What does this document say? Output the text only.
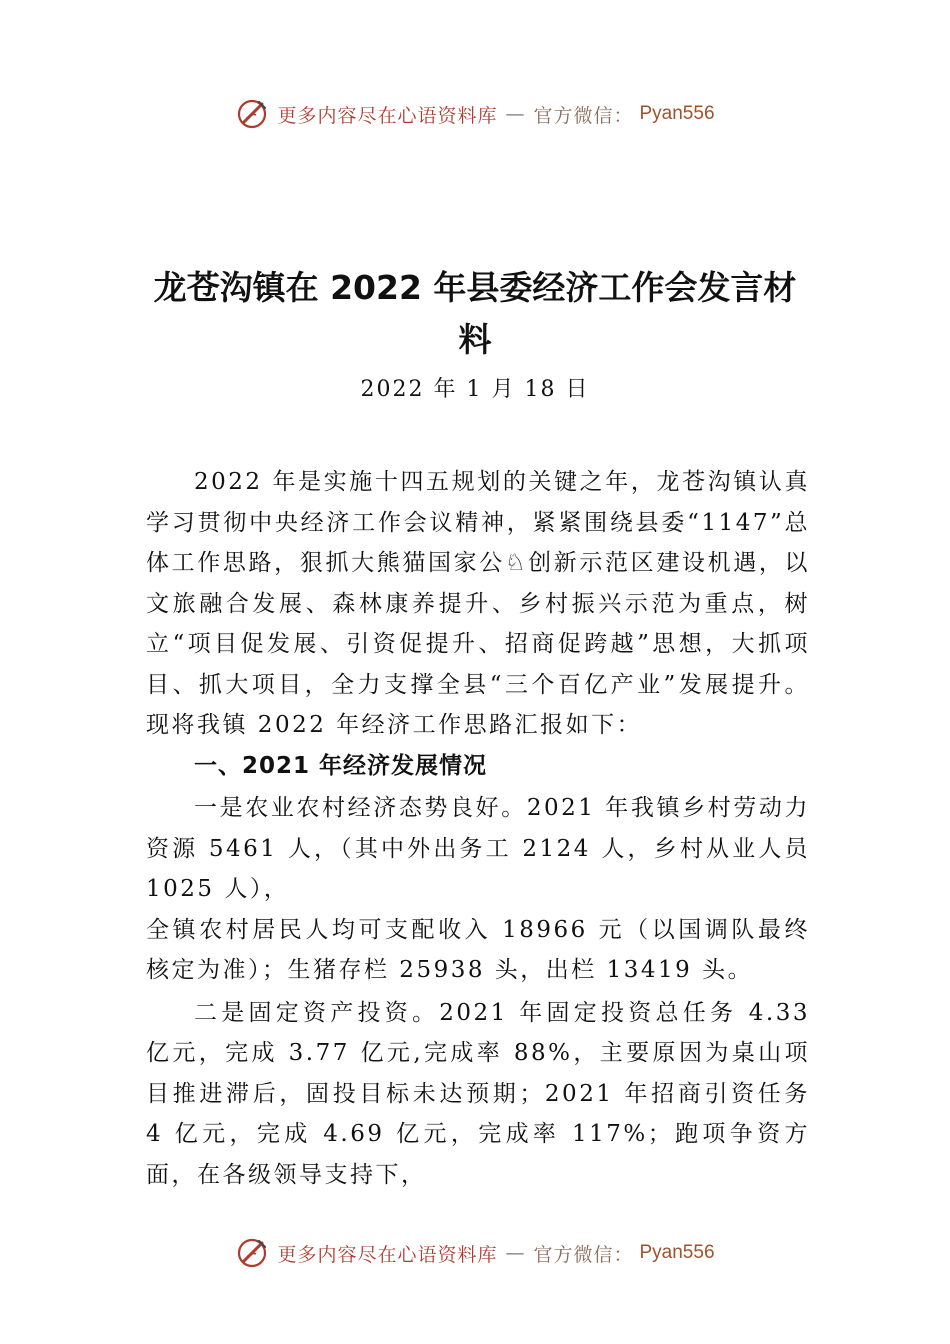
更多内容尽在心语资料库 — 官方微信： Pyan556
龙苍沟镇在 2022 年县委经济工作会发言材料
2022 年 1 月 18 日

2022 年是实施十四五规划的关键之年，龙苍沟镇认真学习贯彻中央经济工作会议精神，紧紧围绕县委“1147”总体工作思路，狠抓大熊猫国家公♘创新示范区建设机遇，以文旅融合发展、森林康养提升、乡村振兴示范为重点，树立“项目促发展、引资促提升、招商促跨越”思想，大抓项目、抓大项目，全力支撑全县“三个百亿产业”发展提升。现将我镇 2022 年经济工作思路汇报如下：

一、2021 年经济发展情况

一是农业农村经济态势良好。2021 年我镇乡村劳动力资源 5461 人，（其中外出务工 2124 人，乡村从业人员 1025 人），

全镇农村居民人均可支配收入 18966 元（以国调队最终核定为准）；生猪存栏 25938 头，出栏 13419 头。

二是固定资产投资。2021 年固定投资总任务 4.33 亿元，完成 3.77 亿元,完成率 88%，主要原因为桌山项目推进滞后，固投目标未达预期；2021 年招商引资任务 4 亿元，完成 4.69 亿元，完成率 117%；跑项争资方面，在各级领导支持下，

更多内容尽在心语资料库 — 官方微信： Pyan556
